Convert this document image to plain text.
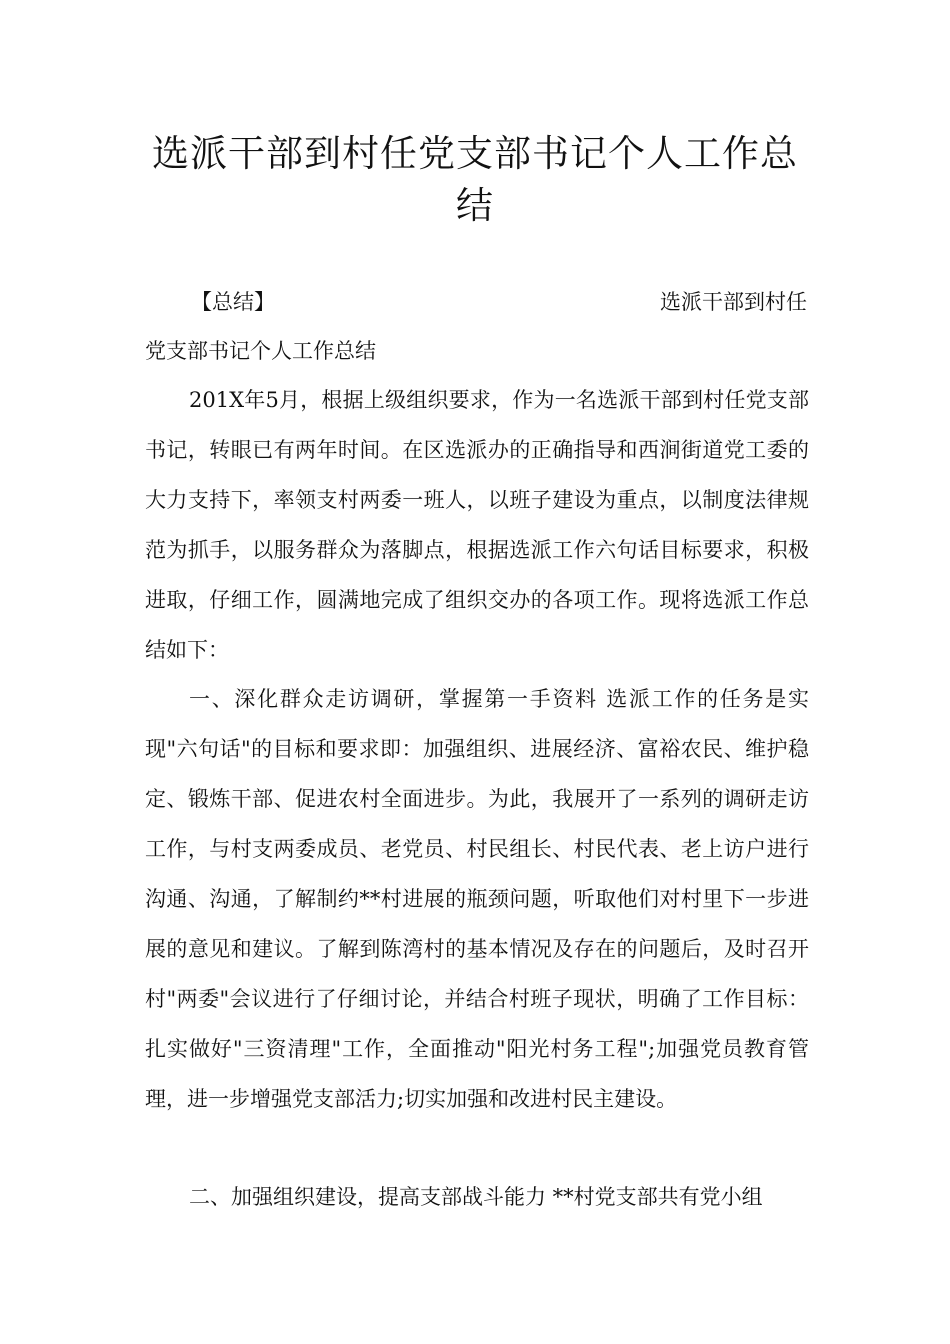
选派干部到村任党支部书记个人工作总结
【总结】	选派干部到村任
党支部书记个人工作总结

201X年5月，根据上级组织要求，作为一名选派干部到村任党支部书记，转眼已有两年时间。在区选派办的正确指导和西涧街道党工委的大力支持下，率领支村两委一班人，以班子建设为重点，以制度法律规范为抓手，以服务群众为落脚点，根据选派工作六句话目标要求，积极进取，仔细工作，圆满地完成了组织交办的各项工作。现将选派工作总结如下：

一、深化群众走访调研，掌握第一手资料 选派工作的任务是实现"六句话"的目标和要求即：加强组织、进展经济、富裕农民、维护稳定、锻炼干部、促进农村全面进步。为此，我展开了一系列的调研走访工作，与村支两委成员、老党员、村民组长、村民代表、老上访户进行沟通、沟通，了解制约**村进展的瓶颈问题，听取他们对村里下一步进展的意见和建议。了解到陈湾村的基本情况及存在的问题后，及时召开村"两委"会议进行了仔细讨论，并结合村班子现状，明确了工作目标：扎实做好"三资清理"工作，全面推动"阳光村务工程";加强党员教育管理，进一步增强党支部活力;切实加强和改进村民主建设。

二、加强组织建设，提高支部战斗能力 **村党支部共有党小组
